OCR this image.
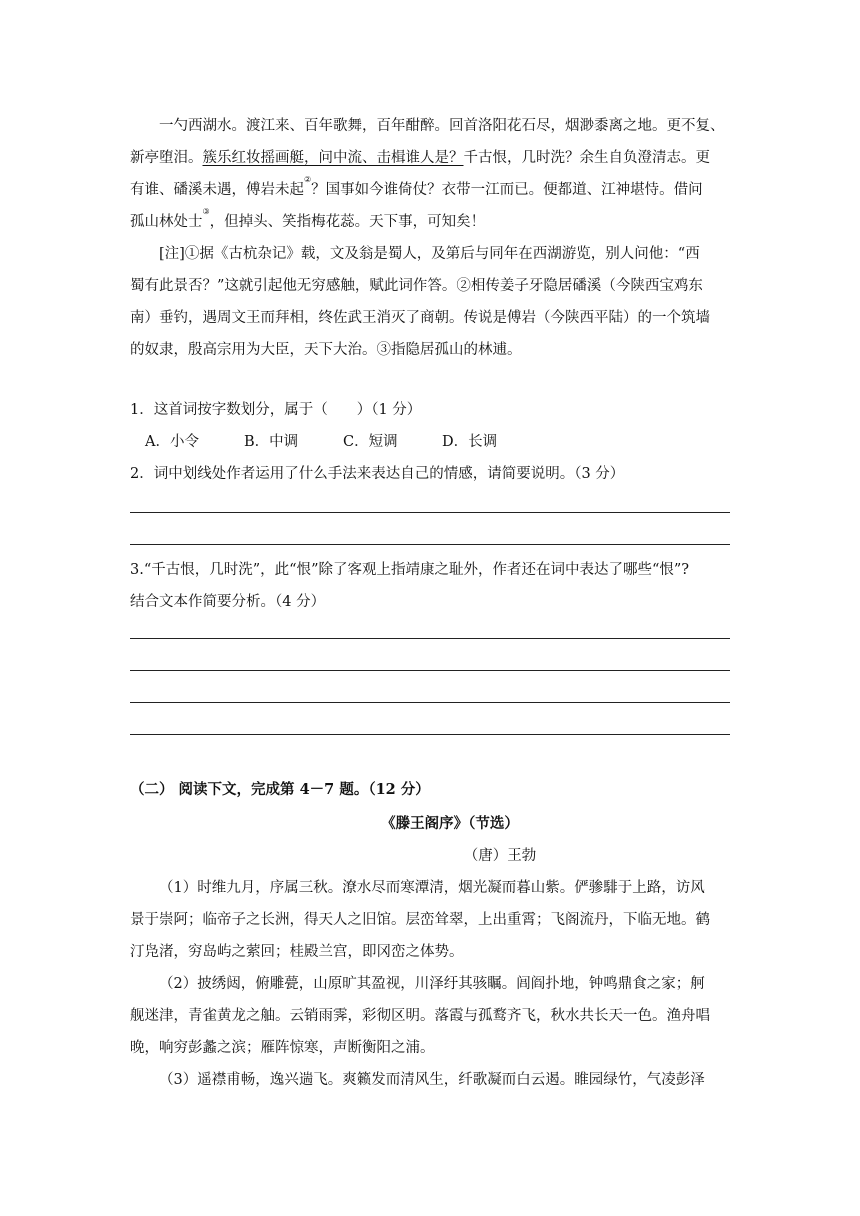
一勺西湖水。渡江来、百年歌舞，百年酣醉。回首洛阳花石尽，烟渺黍离之地。更不复、
新亭堕泪。簇乐红妆摇画艇，问中流、击楫谁人是？千古恨，几时洗？余生自负澄清志。更
有谁、磻溪未遇，傅岩未起②？国事如今谁倚仗？衣带一江而已。便都道、江神堪恃。借问
孤山林处士③，但掉头、笑指梅花蕊。天下事，可知矣！
[注]①据《古杭杂记》载，文及翁是蜀人，及第后与同年在西湖游览，别人问他：“西
蜀有此景否？”这就引起他无穷感触，赋此词作答。②相传姜子牙隐居磻溪（今陕西宝鸡东
南）垂钓，遇周文王而拜相，终佐武王消灭了商朝。传说是傅岩（今陕西平陆）的一个筑墙
的奴隶，殷高宗用为大臣，天下大治。③指隐居孤山的林逋。
1．这首词按字数划分，属于（　　）（1 分）
A．小令	B．中调	C．短调	D．长调
2．词中划线处作者运用了什么手法来表达自己的情感，请简要说明。（3 分）
3.“千古恨，几时洗”，此“恨”除了客观上指靖康之耻外，作者还在词中表达了哪些“恨”?
结合文本作简要分析。（4 分）
（二） 阅读下文，完成第 4－7 题。（12 分）
《滕王阁序》（节选）
（唐）王勃
（1）时维九月，序属三秋。潦水尽而寒潭清，烟光凝而暮山紫。俨骖騑于上路，访风
景于崇阿；临帝子之长洲，得天人之旧馆。层峦耸翠，上出重霄；飞阁流丹，下临无地。鹤
汀凫渚，穷岛屿之萦回；桂殿兰宫，即冈峦之体势。
（2）披绣闼，俯雕甍，山原旷其盈视，川泽纡其骇瞩。闾阎扑地，钟鸣鼎食之家；舸
舰迷津，青雀黄龙之舳。云销雨霁，彩彻区明。落霞与孤鹜齐飞，秋水共长天一色。渔舟唱
晚，响穷彭蠡之滨；雁阵惊寒，声断衡阳之浦。
（3）遥襟甫畅，逸兴遄飞。爽籁发而清风生，纤歌凝而白云遏。睢园绿竹，气凌彭泽
